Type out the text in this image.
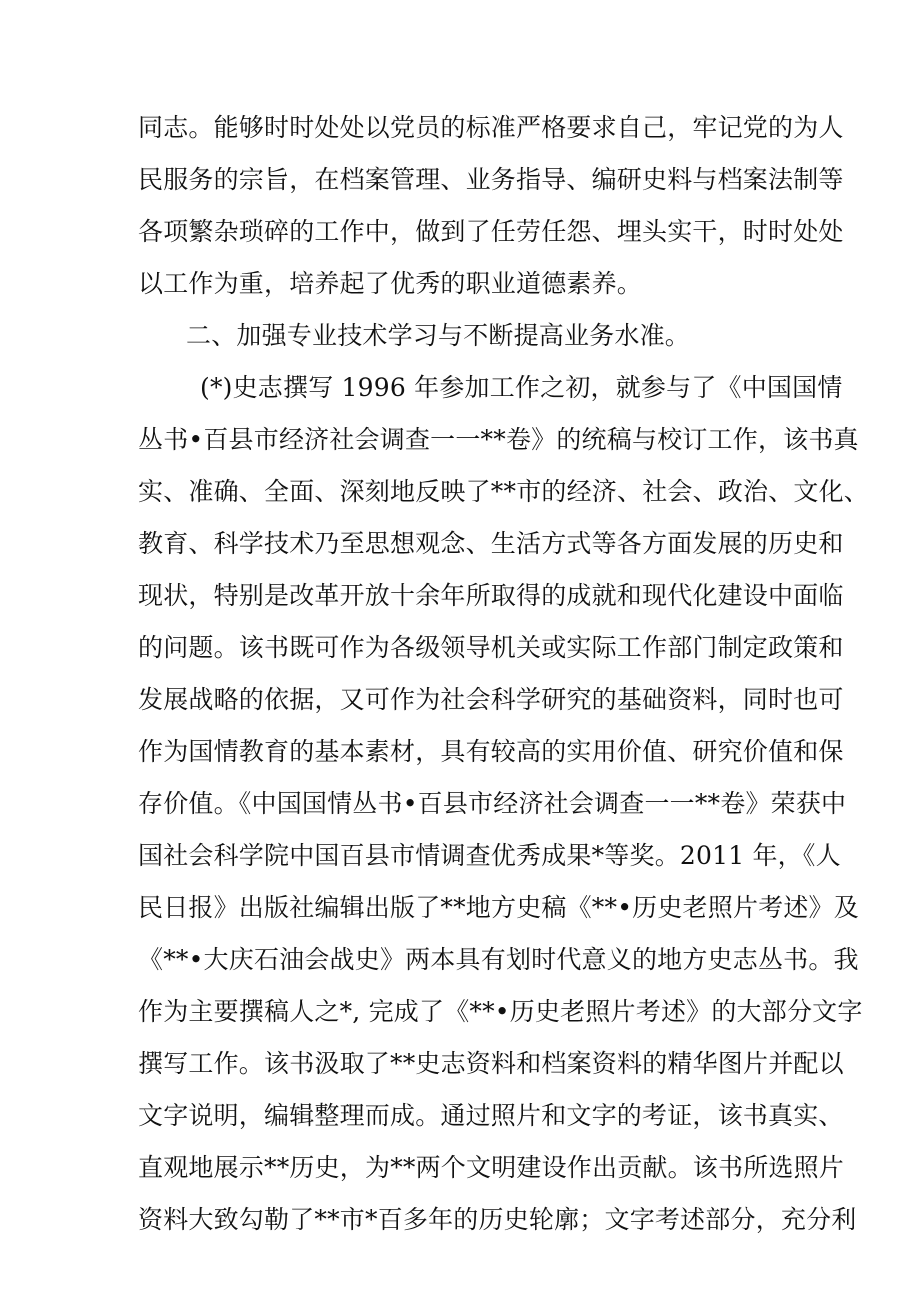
同志。能够时时处处以党员的标准严格要求自己，牢记党的为人
民服务的宗旨，在档案管理、业务指导、编研史料与档案法制等
各项繁杂琐碎的工作中，做到了任劳任怨、埋头实干，时时处处
以工作为重，培养起了优秀的职业道德素养。
二、加强专业技术学习与不断提高业务水准。
(*)史志撰写 1996 年参加工作之初，就参与了《中国国情
丛书•百县市经济社会调查一一**卷》的统稿与校订工作，该书真
实、准确、全面、深刻地反映了**市的经济、社会、政治、文化、
教育、科学技术乃至思想观念、生活方式等各方面发展的历史和
现状，特别是改革开放十余年所取得的成就和现代化建设中面临
的问题。该书既可作为各级领导机关或实际工作部门制定政策和
发展战略的依据，又可作为社会科学研究的基础资料，同时也可
作为国情教育的基本素材，具有较高的实用价值、研究价值和保
存价值。《中国国情丛书•百县市经济社会调查一一**卷》荣获中
国社会科学院中国百县市情调查优秀成果*等奖。2011 年，《人
民日报》出版社编辑出版了**地方史稿《**•历史老照片考述》及
《**•大庆石油会战史》两本具有划时代意义的地方史志丛书。我
作为主要撰稿人之*, 完成了《**•历史老照片考述》的大部分文字
撰写工作。该书汲取了**史志资料和档案资料的精华图片并配以
文字说明，编辑整理而成。通过照片和文字的考证，该书真实、
直观地展示**历史，为**两个文明建设作出贡献。该书所选照片
资料大致勾勒了**市*百多年的历史轮廓；文字考述部分，充分利
